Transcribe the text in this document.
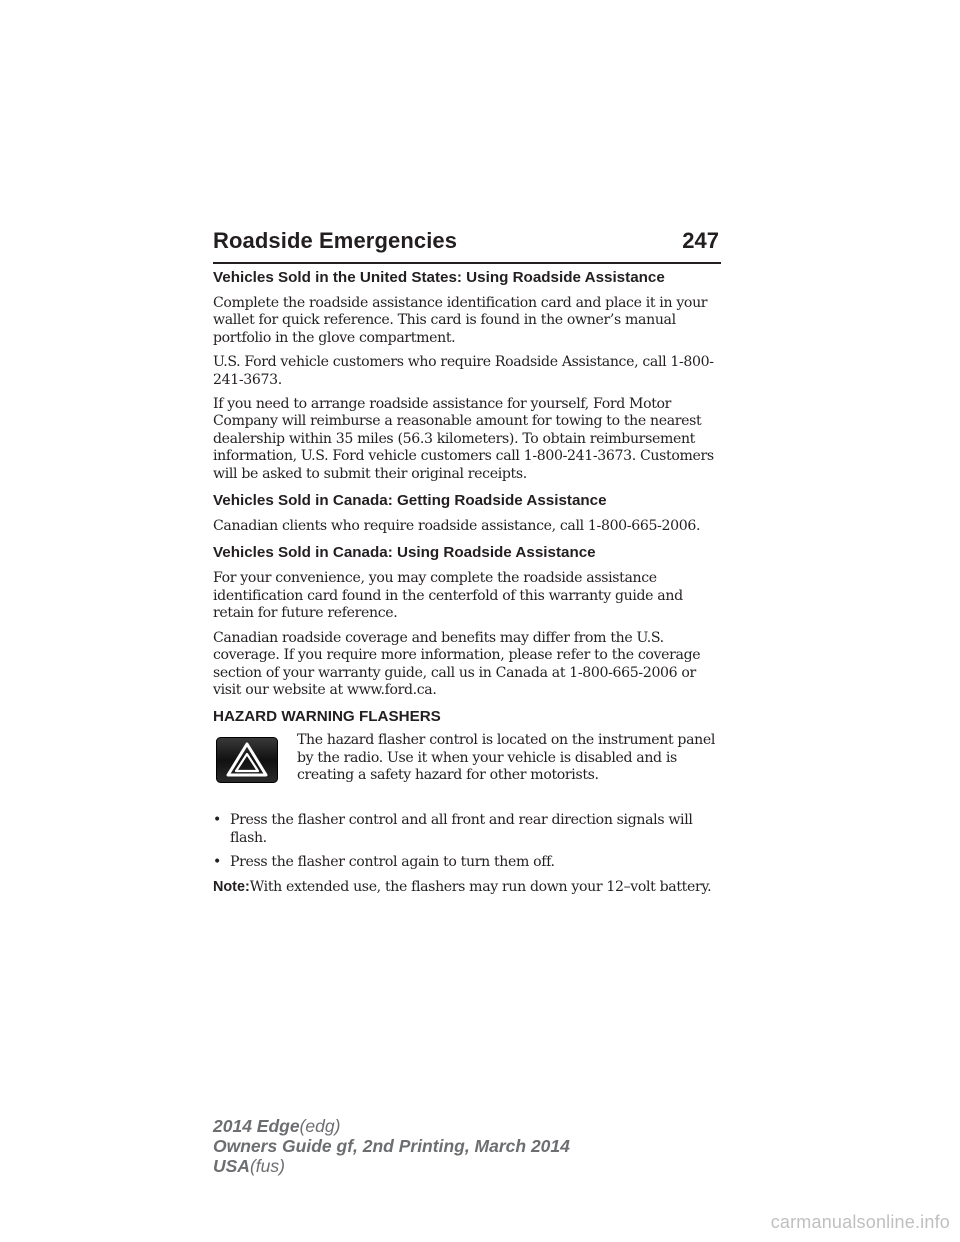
Roadside Emergencies	247
Vehicles Sold in the United States: Using Roadside Assistance

Complete the roadside assistance identification card and place it in your wallet for quick reference. This card is found in the owner’s manual portfolio in the glove compartment.

U.S. Ford vehicle customers who require Roadside Assistance, call 1-800-241-3673.

If you need to arrange roadside assistance for yourself, Ford Motor Company will reimburse a reasonable amount for towing to the nearest dealership within 35 miles (56.3 kilometers). To obtain reimbursement information, U.S. Ford vehicle customers call 1-800-241-3673. Customers will be asked to submit their original receipts.

Vehicles Sold in Canada: Getting Roadside Assistance

Canadian clients who require roadside assistance, call 1-800-665-2006.

Vehicles Sold in Canada: Using Roadside Assistance

For your convenience, you may complete the roadside assistance identification card found in the centerfold of this warranty guide and retain for future reference.

Canadian roadside coverage and benefits may differ from the U.S. coverage. If you require more information, please refer to the coverage section of your warranty guide, call us in Canada at 1-800-665-2006 or visit our website at www.ford.ca.

HAZARD WARNING FLASHERS

The hazard flasher control is located on the instrument panel by the radio. Use it when your vehicle is disabled and is creating a safety hazard for other motorists.

• Press the flasher control and all front and rear direction signals will flash.

• Press the flasher control again to turn them off.

Note:With extended use, the flashers may run down your 12–volt battery.

2014 Edge(edg)
Owners Guide gf, 2nd Printing, March 2014
USA(fus)
carmanualsonline.info
